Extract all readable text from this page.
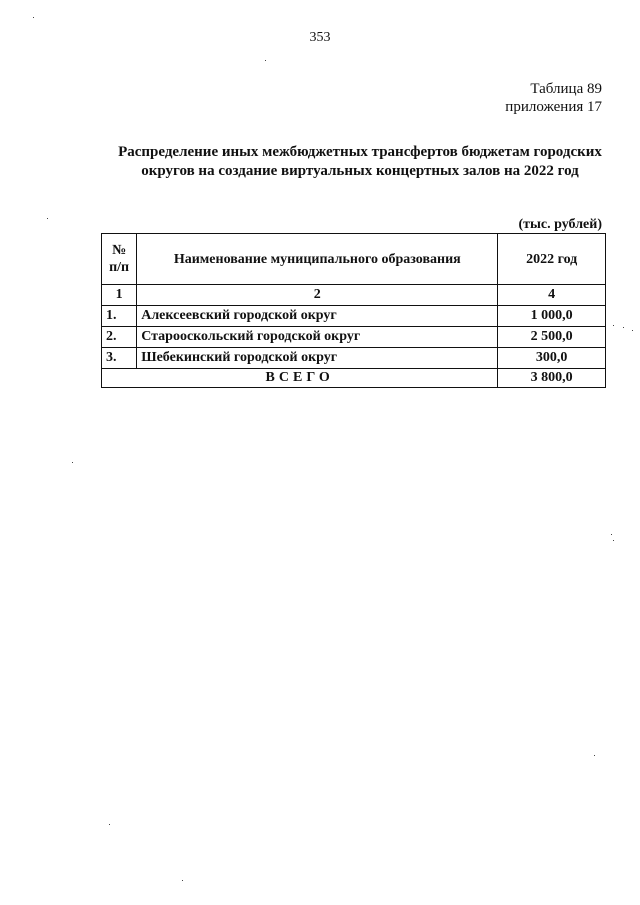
353
Таблица 89
приложения 17
Распределение иных межбюджетных трансфертов бюджетам городских
округов на создание виртуальных концертных залов на 2022 год
(тыс. рублей)
№ п/п	Наименование муниципального образования	2022 год
1	2	4
1.	Алексеевский городской округ	1 000,0
2.	Старооскольский городской округ	2 500,0
3.	Шебекинский городской округ	300,0
ВСЕГО		3 800,0
